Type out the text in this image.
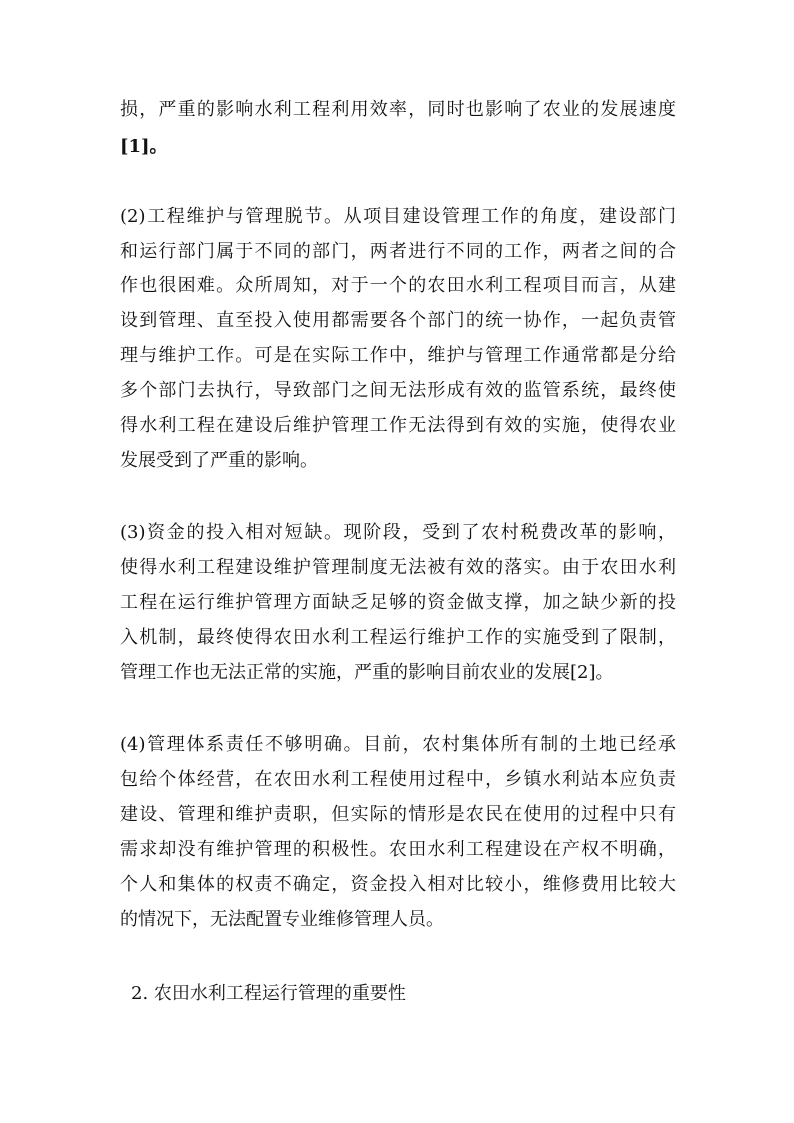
损，严重的影响水利工程利用效率，同时也影响了农业的发展速度
[1]。
(2)工程维护与管理脱节。从项目建设管理工作的角度，建设部门
和运行部门属于不同的部门，两者进行不同的工作，两者之间的合
作也很困难。众所周知，对于一个的农田水利工程项目而言，从建
设到管理、直至投入使用都需要各个部门的统一协作，一起负责管
理与维护工作。可是在实际工作中，维护与管理工作通常都是分给
多个部门去执行，导致部门之间无法形成有效的监管系统，最终使
得水利工程在建设后维护管理工作无法得到有效的实施，使得农业
发展受到了严重的影响。
(3)资金的投入相对短缺。现阶段，受到了农村税费改革的影响，
使得水利工程建设维护管理制度无法被有效的落实。由于农田水利
工程在运行维护管理方面缺乏足够的资金做支撑，加之缺少新的投
入机制，最终使得农田水利工程运行维护工作的实施受到了限制，
管理工作也无法正常的实施，严重的影响目前农业的发展[2]。
(4)管理体系责任不够明确。目前，农村集体所有制的土地已经承
包给个体经营，在农田水利工程使用过程中，乡镇水利站本应负责
建设、管理和维护责职，但实际的情形是农民在使用的过程中只有
需求却没有维护管理的积极性。农田水利工程建设在产权不明确，
个人和集体的权责不确定，资金投入相对比较小，维修费用比较大
的情况下，无法配置专业维修管理人员。
2. 农田水利工程运行管理的重要性
